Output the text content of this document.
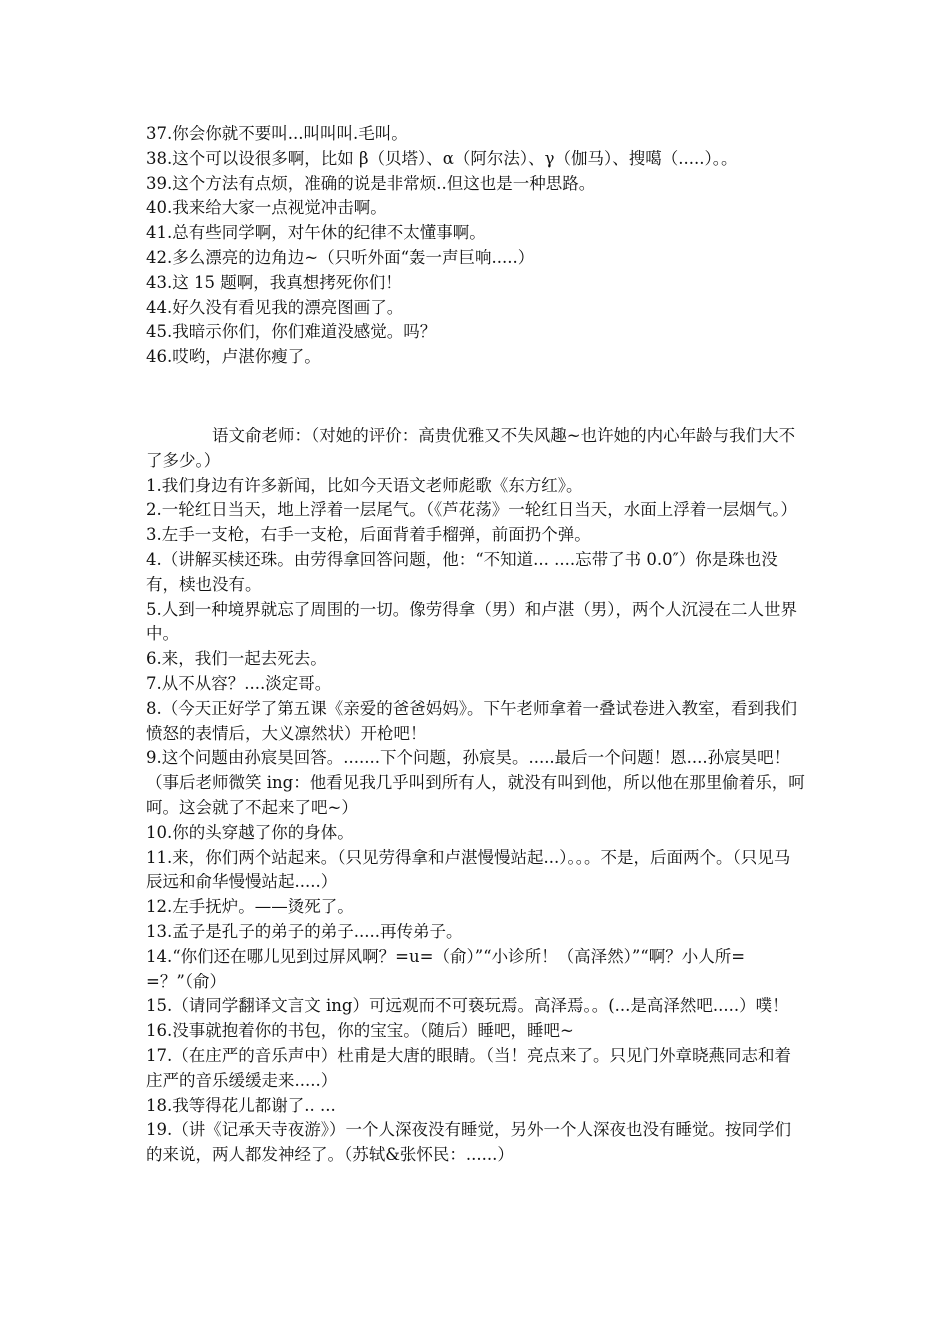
37.你会你就不要叫...叫叫叫.毛叫。
38.这个可以设很多啊，比如 β（贝塔）、α（阿尔法）、γ（伽马）、搜噶（.....）。。
39.这个方法有点烦，准确的说是非常烦..但这也是一种思路。
40.我来给大家一点视觉冲击啊。
41.总有些同学啊，对午休的纪律不太懂事啊。
42.多么漂亮的边角边~（只听外面“轰一声巨响.....）
43.这 15 题啊，我真想拷死你们！
44.好久没有看见我的漂亮图画了。
45.我暗示你们，你们难道没感觉。吗？
46.哎哟，卢湛你瘦了。
语文俞老师：（对她的评价：高贵优雅又不失风趣~也许她的内心年龄与我们大不了多少。）
1.我们身边有许多新闻，比如今天语文老师彪歌《东方红》。
2.一轮红日当天，地上浮着一层尾气。（《芦花荡》一轮红日当天，水面上浮着一层烟气。）
3.左手一支枪，右手一支枪，后面背着手榴弹，前面扔个弹。
4.（讲解买椟还珠。由劳得拿回答问题，他：“不知道... ....忘带了书 0.0″）你是珠也没有，椟也没有。
5.人到一种境界就忘了周围的一切。像劳得拿（男）和卢湛（男），两个人沉浸在二人世界中。
6.来，我们一起去死去。
7.从不从容？....淡定哥。
8.（今天正好学了第五课《亲爱的爸爸妈妈》。下午老师拿着一叠试卷进入教室，看到我们愤怒的表情后，大义凛然状）开枪吧！
9.这个问题由孙宸昊回答。.......下个问题，孙宸昊。.....最后一个问题！恩....孙宸昊吧！（事后老师微笑 ing：他看见我几乎叫到所有人，就没有叫到他，所以他在那里偷着乐，呵呵。这会就了不起来了吧~）
10.你的头穿越了你的身体。
11.来，你们两个站起来。（只见劳得拿和卢湛慢慢站起...）。。。不是，后面两个。（只见马辰远和俞华慢慢站起.....）
12.左手抚炉。——烫死了。
13.孟子是孔子的弟子的弟子.....再传弟子。
14.“你们还在哪儿见到过屏风啊？=u=（俞）”“小诊所！（高泽然）”“啊？小人所= =？”（俞）
15.（请同学翻译文言文 ing）可远观而不可亵玩焉。高泽焉。。(...是高泽然吧.....）噗！
16.没事就抱着你的书包，你的宝宝。（随后）睡吧，睡吧~
17.（在庄严的音乐声中）杜甫是大唐的眼睛。（当！亮点来了。只见门外章晓燕同志和着庄严的音乐缓缓走来.....）
18.我等得花儿都谢了.. ...
19.（讲《记承天寺夜游》）一个人深夜没有睡觉，另外一个人深夜也没有睡觉。按同学们的来说，两人都发神经了。（苏轼&张怀民：......）
